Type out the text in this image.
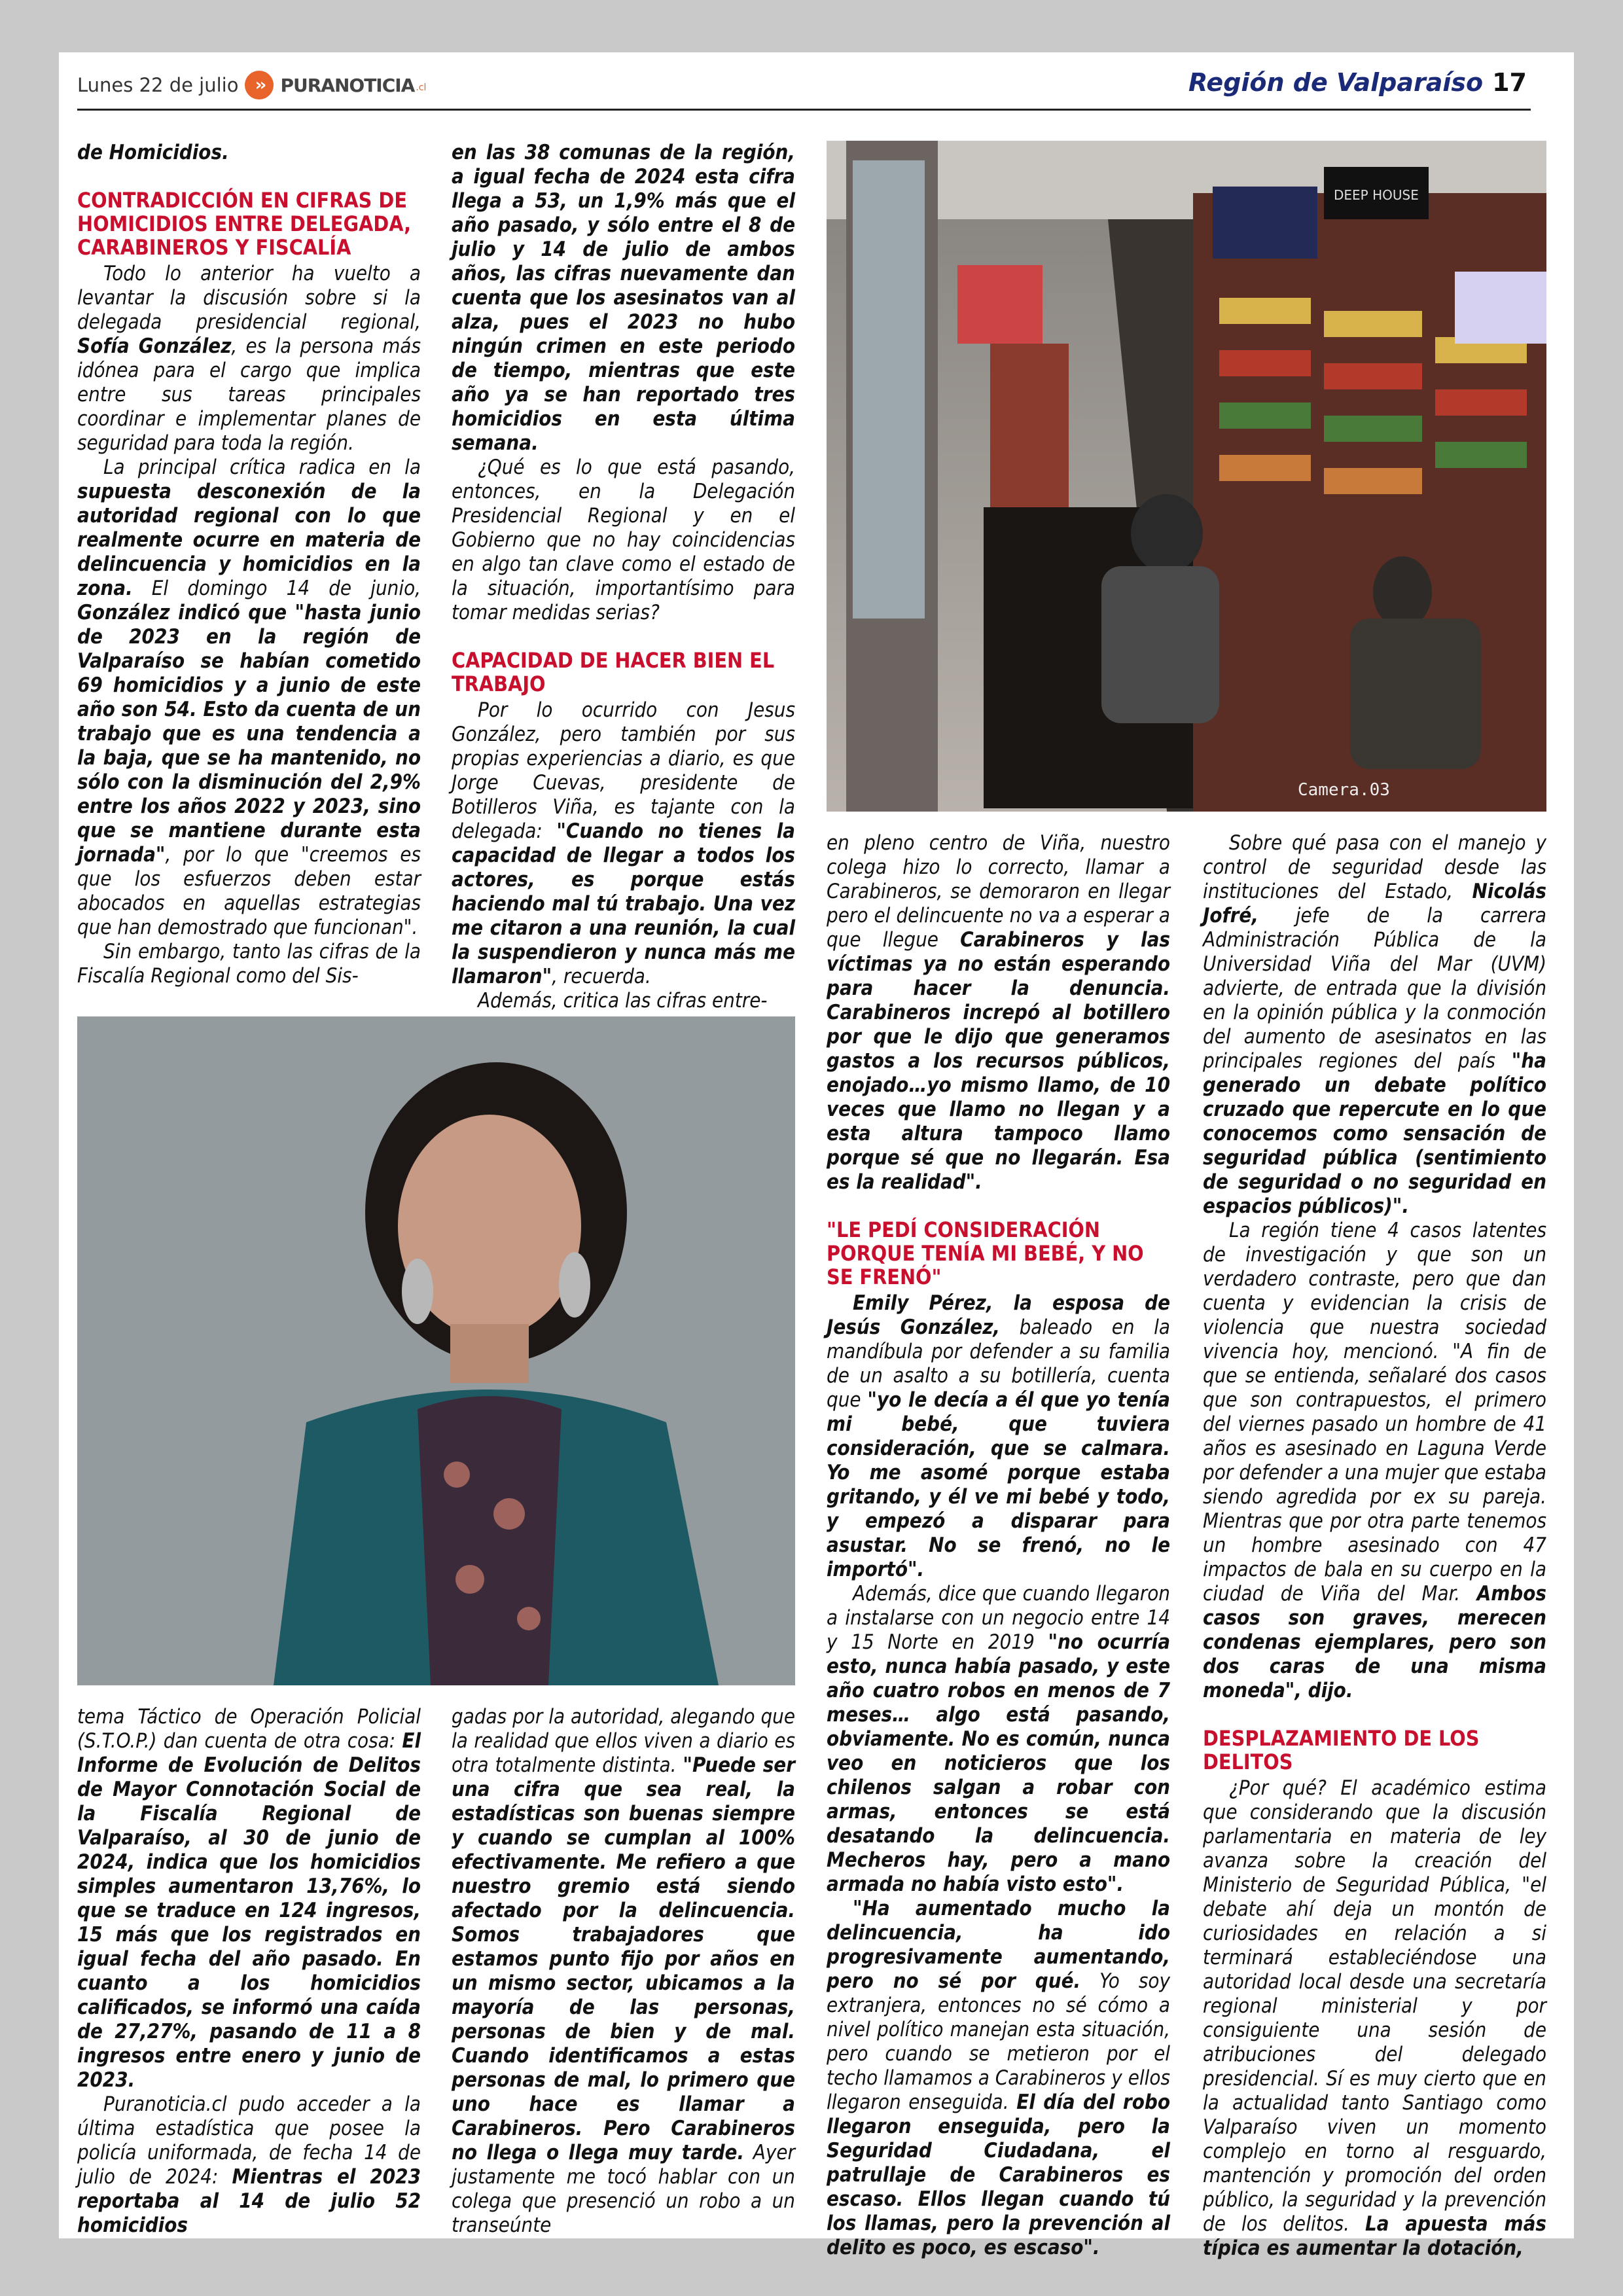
Lunes 22 de julio ›› PURANOTICIA .cl	Región de Valparaíso 17

de Homicidios.

CONTRADICCIÓN EN CIFRAS DE HOMICIDIOS ENTRE DELEGADA, CARABINEROS Y FISCALÍA

Todo lo anterior ha vuelto a levantar la discusión sobre si la delegada presidencial regional, Sofía González, es la persona más idónea para el cargo que implica entre sus tareas principales coordinar e implementar planes de seguridad para toda la región.

La principal crítica radica en la supuesta desconexión de la autoridad regional con lo que realmente ocurre en materia de delincuencia y homicidios en la zona. El domingo 14 de junio, González indicó que "hasta junio de 2023 en la región de Valparaíso se habían cometido 69 homicidios y a junio de este año son 54. Esto da cuenta de un trabajo que es una tendencia a la baja, que se ha mantenido, no sólo con la disminución del 2,9% entre los años 2022 y 2023, sino que se mantiene durante esta jornada", por lo que "creemos es que los esfuerzos deben estar abocados en aquellas estrategias que han demostrado que funcionan".

Sin embargo, tanto las cifras de la Fiscalía Regional como del Sis-

en las 38 comunas de la región, a igual fecha de 2024 esta cifra llega a 53, un 1,9% más que el año pasado, y sólo entre el 8 de julio y 14 de julio de ambos años, las cifras nuevamente dan cuenta que los asesinatos van al alza, pues el 2023 no hubo ningún crimen en este periodo de tiempo, mientras que este año ya se han reportado tres homicidios en esta última semana.

¿Qué es lo que está pasando, entonces, en la Delegación Presidencial Regional y en el Gobierno que no hay coincidencias en algo tan clave como el estado de la situación, importantísimo para tomar medidas serias?

CAPACIDAD DE HACER BIEN EL TRABAJO

Por lo ocurrido con Jesus González, pero también por sus propias experiencias a diario, es que Jorge Cuevas, presidente de Botilleros Viña, es tajante con la delegada: "Cuando no tienes la capacidad de llegar a todos los actores, es porque estás haciendo mal tú trabajo. Una vez me citaron a una reunión, la cual la suspendieron y nunca más me llamaron", recuerda.

Además, critica las cifras entre-

DEEP HOUSE
Camera.03

tema Táctico de Operación Policial (S.T.O.P.) dan cuenta de otra cosa: El Informe de Evolución de Delitos de Mayor Connotación Social de la Fiscalía Regional de Valparaíso, al 30 de junio de 2024, indica que los homicidios simples aumentaron 13,76%, lo que se traduce en 124 ingresos, 15 más que los registrados en igual fecha del año pasado. En cuanto a los homicidios calificados, se informó una caída de 27,27%, pasando de 11 a 8 ingresos entre enero y junio de 2023.

Puranoticia.cl pudo acceder a la última estadística que posee la policía uniformada, de fecha 14 de julio de 2024: Mientras el 2023 reportaba al 14 de julio 52 homicidios

gadas por la autoridad, alegando que la realidad que ellos viven a diario es otra totalmente distinta. "Puede ser una cifra que sea real, la estadísticas son buenas siempre y cuando se cumplan al 100% efectivamente. Me refiero a que nuestro gremio está siendo afectado por la delincuencia. Somos trabajadores que estamos punto fijo por años en un mismo sector, ubicamos a la mayoría de las personas, personas de bien y de mal. Cuando identificamos a estas personas de mal, lo primero que uno hace es llamar a Carabineros. Pero Carabineros no llega o llega muy tarde. Ayer justamente me tocó hablar con un colega que presenció un robo a un transeúnte

en pleno centro de Viña, nuestro colega hizo lo correcto, llamar a Carabineros, se demoraron en llegar pero el delincuente no va a esperar a que llegue Carabineros y las víctimas ya no están esperando para hacer la denuncia. Carabineros increpó al botillero por que le dijo que generamos gastos a los recursos públicos, enojado…yo mismo llamo, de 10 veces que llamo no llegan y a esta altura tampoco llamo porque sé que no llegarán. Esa es la realidad".

"LE PEDÍ CONSIDERACIÓN PORQUE TENÍA MI BEBÉ, Y NO SE FRENÓ"

Emily Pérez, la esposa de Jesús González, baleado en la mandíbula por defender a su familia de un asalto a su botillería, cuenta que "yo le decía a él que yo tenía mi bebé, que tuviera consideración, que se calmara. Yo me asomé porque estaba gritando, y él ve mi bebé y todo, y empezó a disparar para asustar. No se frenó, no le importó".

Además, dice que cuando llegaron a instalarse con un negocio entre 14 y 15 Norte en 2019 "no ocurría esto, nunca había pasado, y este año cuatro robos en menos de 7 meses… algo está pasando, obviamente. No es común, nunca veo en noticieros que los chilenos salgan a robar con armas, entonces se está desatando la delincuencia. Mecheros hay, pero a mano armada no había visto esto".

"Ha aumentado mucho la delincuencia, ha ido progresivamente aumentando, pero no sé por qué. Yo soy extranjera, entonces no sé cómo a nivel político manejan esta situación, pero cuando se metieron por el techo llamamos a Carabineros y ellos llegaron enseguida. El día del robo llegaron enseguida, pero la Seguridad Ciudadana, el patrullaje de Carabineros es escaso. Ellos llegan cuando tú los llamas, pero la prevención al delito es poco, es escaso".

Sobre qué pasa con el manejo y control de seguridad desde las instituciones del Estado, Nicolás Jofré, jefe de la carrera Administración Pública de la Universidad Viña del Mar (UVM) advierte, de entrada que la división en la opinión pública y la conmoción del aumento de asesinatos en las principales regiones del país "ha generado un debate político cruzado que repercute en lo que conocemos como sensación de seguridad pública (sentimiento de seguridad o no seguridad en espacios públicos)".

La región tiene 4 casos latentes de investigación y que son un verdadero contraste, pero que dan cuenta y evidencian la crisis de violencia que nuestra sociedad vivencia hoy, mencionó. "A fin de que se entienda, señalaré dos casos que son contrapuestos, el primero del viernes pasado un hombre de 41 años es asesinado en Laguna Verde por defender a una mujer que estaba siendo agredida por ex su pareja. Mientras que por otra parte tenemos un hombre asesinado con 47 impactos de bala en su cuerpo en la ciudad de Viña del Mar. Ambos casos son graves, merecen condenas ejemplares, pero son dos caras de una misma moneda", dijo.

DESPLAZAMIENTO DE LOS DELITOS

¿Por qué? El académico estima que considerando que la discusión parlamentaria en materia de ley avanza sobre la creación del Ministerio de Seguridad Pública, "el debate ahí deja un montón de curiosidades en relación a si terminará estableciéndose una autoridad local desde una secretaría regional ministerial y por consiguiente una sesión de atribuciones del delegado presidencial. Sí es muy cierto que en la actualidad tanto Santiago como Valparaíso viven un momento complejo en torno al resguardo, mantención y promoción del orden público, la seguridad y la prevención de los delitos. La apuesta más típica es aumentar la dotación,
